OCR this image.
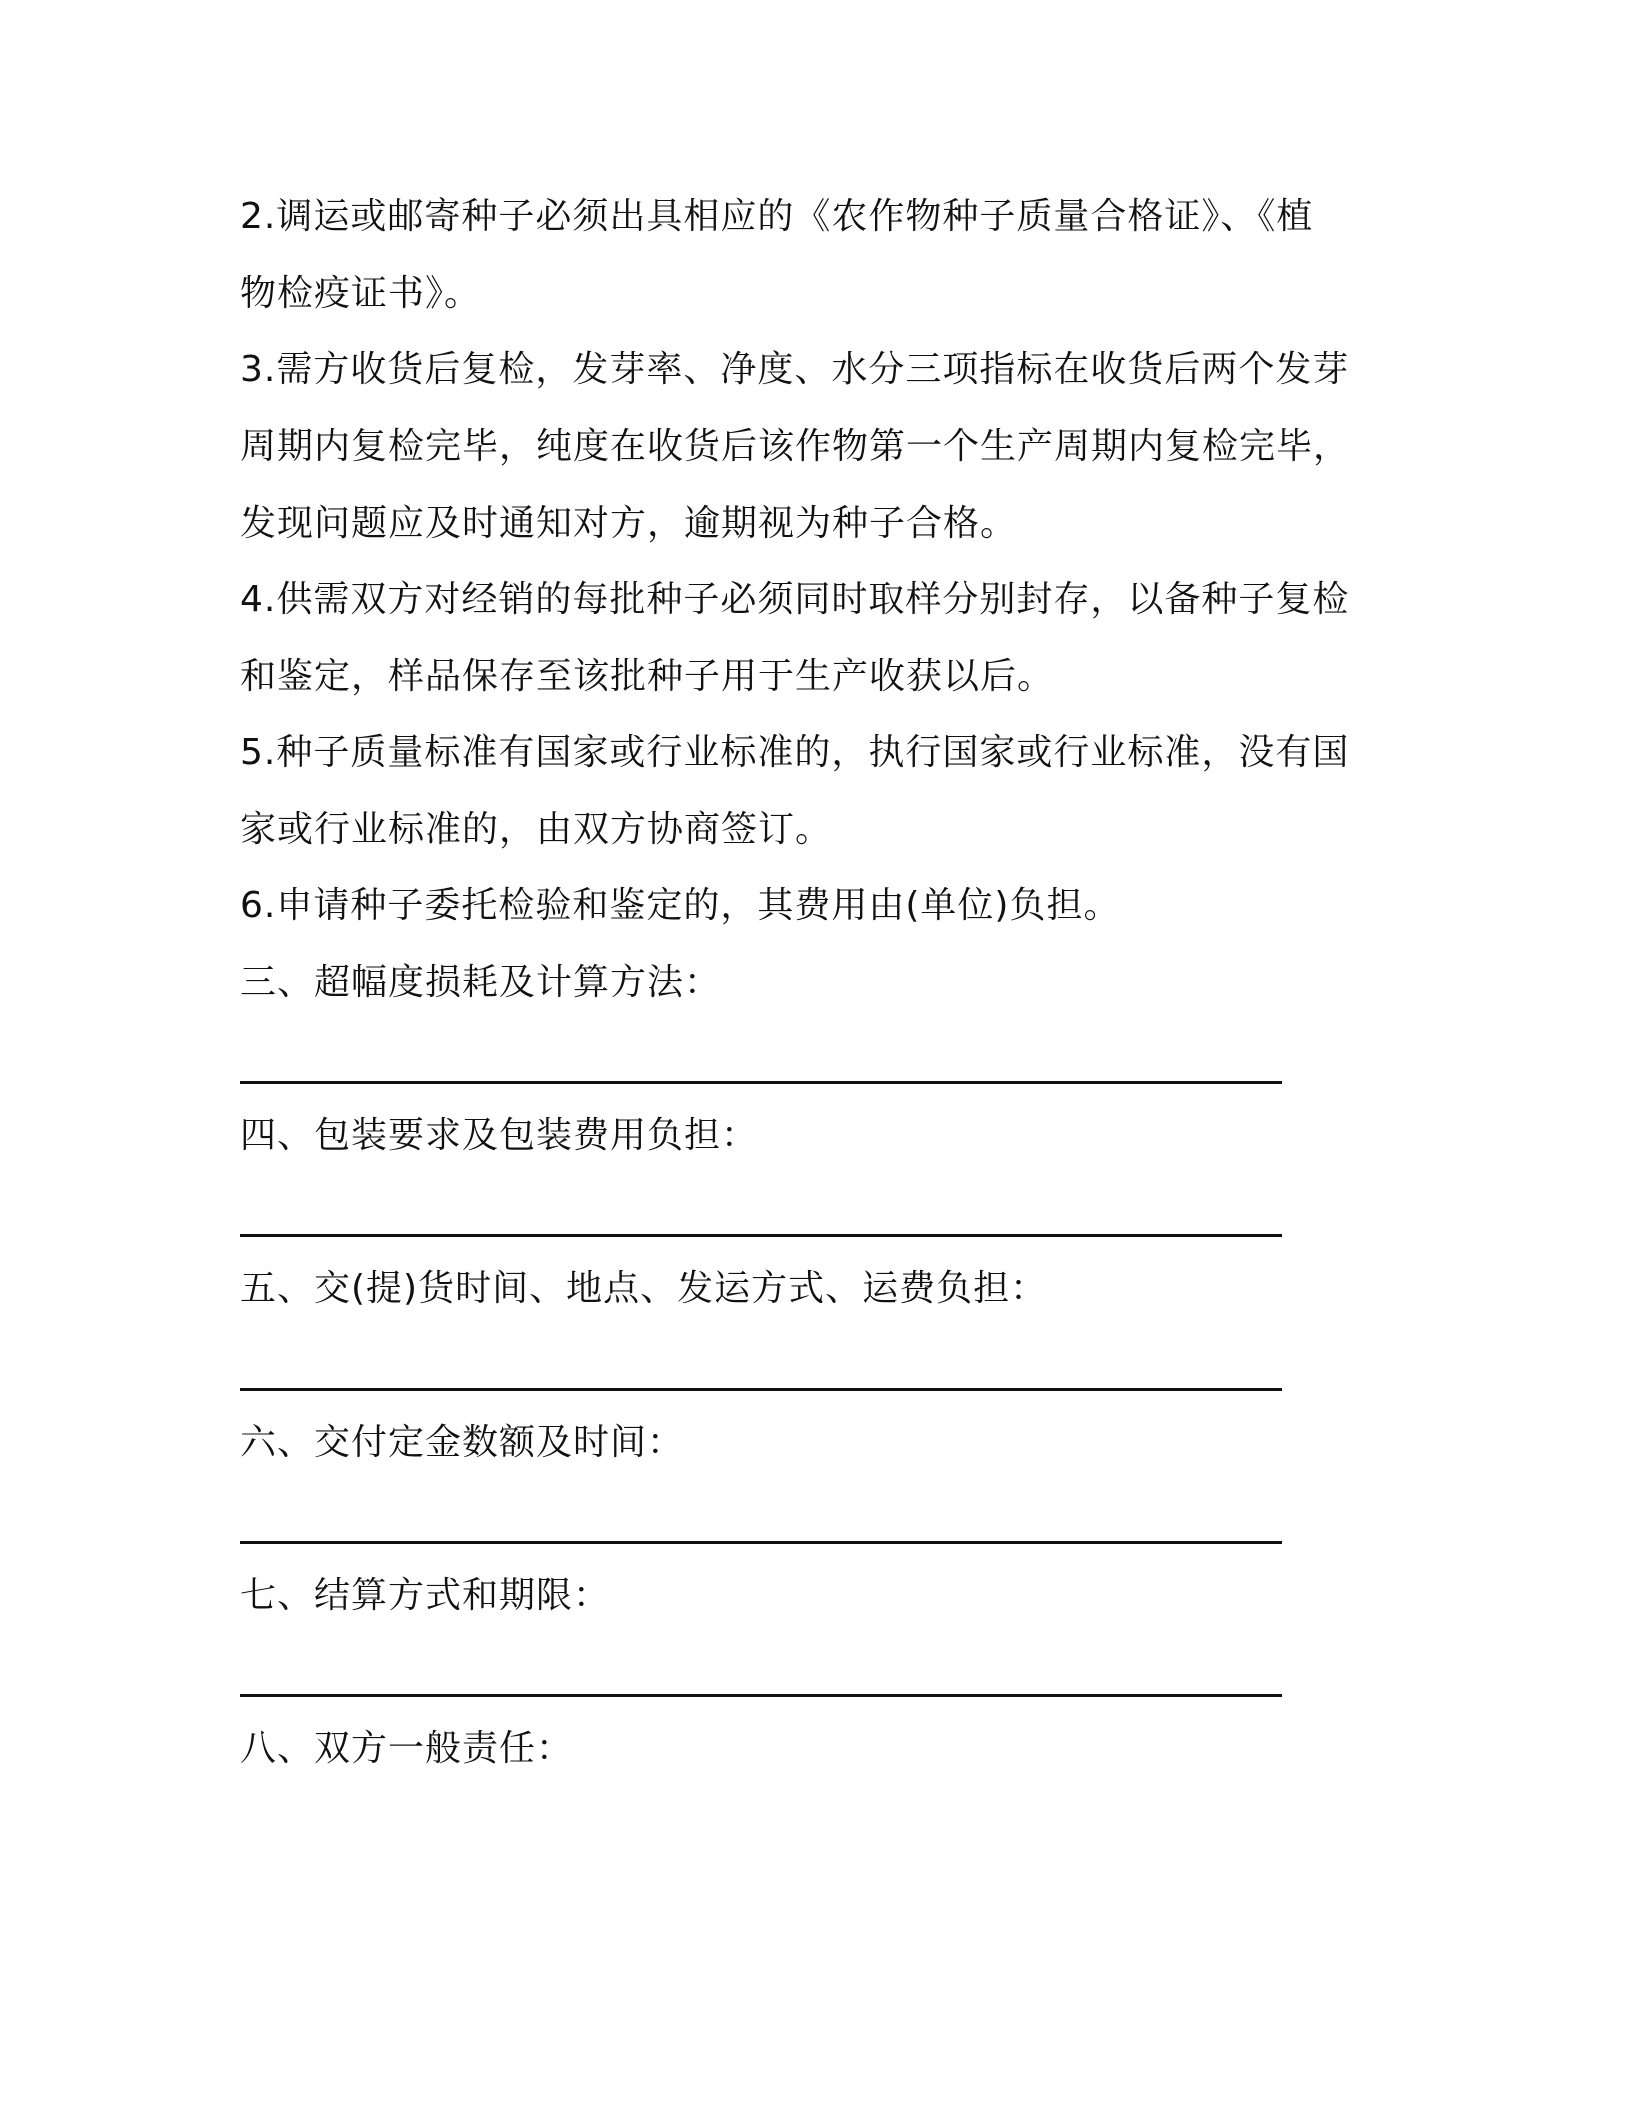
2.调运或邮寄种子必须出具相应的《农作物种子质量合格证》、《植
物检疫证书》。
3.需方收货后复检，发芽率、净度、水分三项指标在收货后两个发芽
周期内复检完毕，纯度在收货后该作物第一个生产周期内复检完毕，
发现问题应及时通知对方，逾期视为种子合格。
4.供需双方对经销的每批种子必须同时取样分别封存，以备种子复检
和鉴定，样品保存至该批种子用于生产收获以后。
5.种子质量标准有国家或行业标准的，执行国家或行业标准，没有国
家或行业标准的，由双方协商签订。
6.申请种子委托检验和鉴定的，其费用由(单位)负担。
三、超幅度损耗及计算方法：
四、包装要求及包装费用负担：
五、交(提)货时间、地点、发运方式、运费负担：
六、交付定金数额及时间：
七、结算方式和期限：
八、双方一般责任：
